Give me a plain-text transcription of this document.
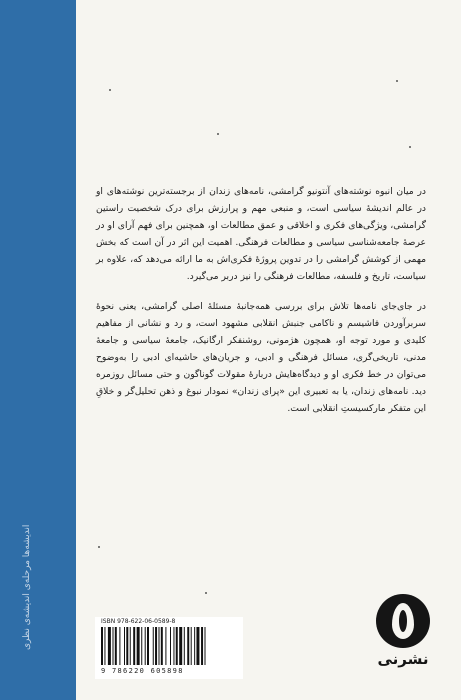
اندیشه‌ها مرحله‌ی اندیشه‌ی نظری

در میان انبوه نوشته‌های آنتونیو گرامشی، نامه‌های زندان از برجسته‌ترین نوشته‌های او در عالم اندیشهٔ سیاسی است، و منبعی مهم و پرارزش برای درک شخصیت راستین گرامشی، ویژگی‌های فکری و اخلاقی و عمق مطالعات او، همچنین برای فهم آرای او در عرصهٔ جامعه‌شناسی سیاسی و مطالعات فرهنگی. اهمیت این اثر در آن است که بخش مهمی از کوشش گرامشی را در تدوین پروژهٔ فکری‌اش به ما ارائه می‌دهد که، علاوه بر سیاست، تاریخ و فلسفه، مطالعات فرهنگی را نیز دربر می‌گیرد.

در جای‌جای نامه‌ها تلاش برای بررسی همه‌جانبهٔ مسئلهٔ اصلی گرامشی، یعنی نحوهٔ سربرآوردن فاشیسم و ناکامی جنبش انقلابی مشهود است، و رد و نشانی از مفاهیم کلیدی و مورد توجه او، همچون هژمونی، روشنفکر ارگانیک، جامعهٔ سیاسی و جامعهٔ مدنی، تاریخی‌گری، مسائل فرهنگی و ادبی، و جریان‌های حاشیه‌ای ادبی را به‌وضوح می‌توان در خط فکری او و دیدگاه‌هایش دربارهٔ مقولات گوناگون و حتی مسائل روزمره دید. نامه‌های زندان، یا به تعبیری این «پرای زندان» نمودار نبوغ و ذهن تحلیل‌گر و خلاقِ این متفکر مارکسیستِ انقلابی است.

ISBN 978-622-06-0589-8
9 786220 605898
نشرنی
